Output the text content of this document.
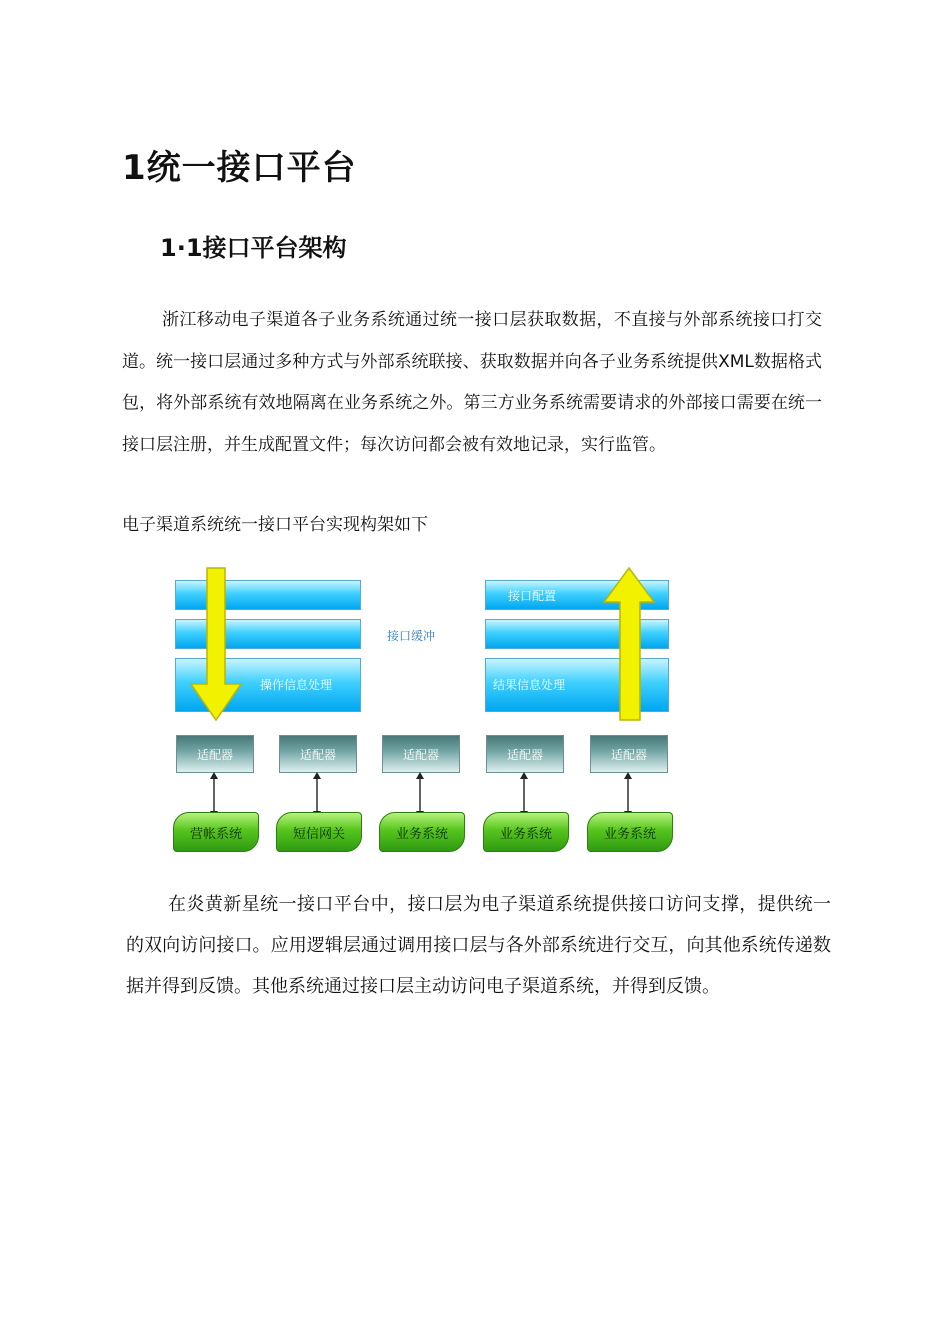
1统一接口平台
1·1接口平台架构

浙江移动电子渠道各子业务系统通过统一接口层获取数据，不直接与外部系统接口打交道。统一接口层通过多种方式与外部系统联接、获取数据并向各子业务系统提供XML数据格式包，将外部系统有效地隔离在业务系统之外。第三方业务系统需要请求的外部接口需要在统一接口层注册，并生成配置文件；每次访问都会被有效地记录，实行监管。

电子渠道系统统一接口平台实现构架如下

操作信息处理
接口配置
结果信息处理
接口缓冲
适配器	适配器	适配器	适配器	适配器
营帐系统	短信网关	业务系统	业务系统	业务系统

在炎黄新星统一接口平台中，接口层为电子渠道系统提供接口访问支撑，提供统一的双向访问接口。应用逻辑层通过调用接口层与各外部系统进行交互，向其他系统传递数据并得到反馈。其他系统通过接口层主动访问电子渠道系统，并得到反馈。
